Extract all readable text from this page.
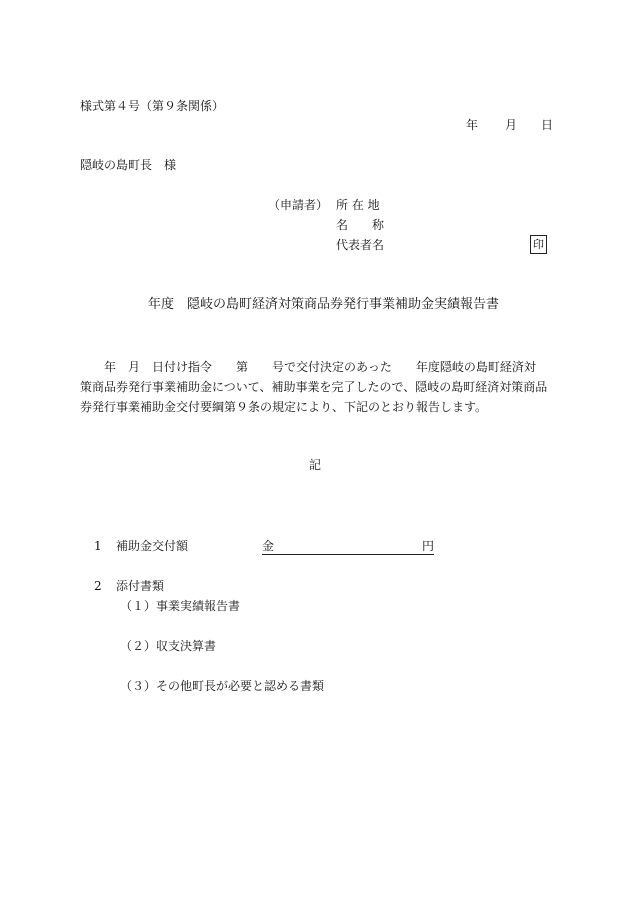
様式第４号（第９条関係）
年 月 日
隠岐の島町長　様
（申請者） 所 在 地
名　　称
代表者名	印
年度　隠岐の島町経済対策商品券発行事業補助金実績報告書
　　年　月　日付け指令　　第　　号で交付決定のあった　　年度隠岐の島町経済対
策商品券発行事業補助金について、補助事業を完了したので、隠岐の島町経済対策商品
券発行事業補助金交付要綱第９条の規定により、下記のとおり報告します。
記
1 補助金交付額	金	円
2 添付書類
（１）事業実績報告書
（２）収支決算書
（３）その他町長が必要と認める書類
